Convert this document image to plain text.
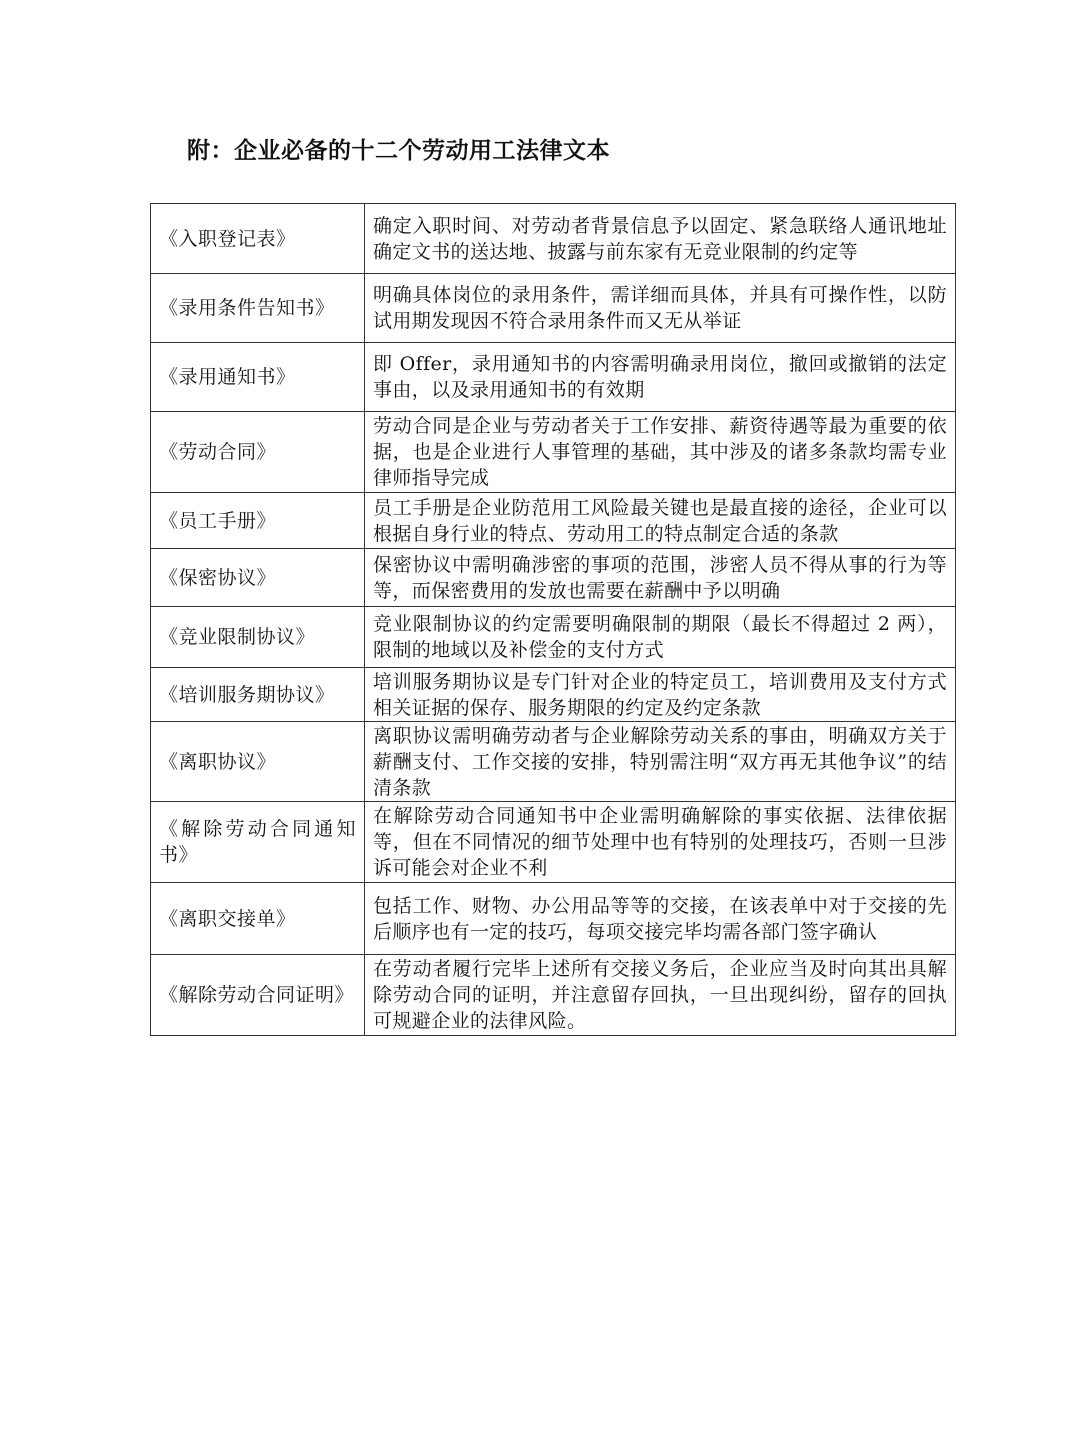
附：企业必备的十二个劳动用工法律文本
《入职登记表》	确定入职时间、对劳动者背景信息予以固定、紧急联络人通讯地址确定文书的送达地、披露与前东家有无竞业限制的约定等
《录用条件告知书》	明确具体岗位的录用条件，需详细而具体，并具有可操作性，以防试用期发现因不符合录用条件而又无从举证
《录用通知书》	即 Offer，录用通知书的内容需明确录用岗位，撤回或撤销的法定事由，以及录用通知书的有效期
《劳动合同》	劳动合同是企业与劳动者关于工作安排、薪资待遇等最为重要的依据，也是企业进行人事管理的基础，其中涉及的诸多条款均需专业律师指导完成
《员工手册》	员工手册是企业防范用工风险最关键也是最直接的途径，企业可以根据自身行业的特点、劳动用工的特点制定合适的条款
《保密协议》	保密协议中需明确涉密的事项的范围，涉密人员不得从事的行为等等，而保密费用的发放也需要在薪酬中予以明确
《竞业限制协议》	竞业限制协议的约定需要明确限制的期限（最长不得超过 2 两），限制的地域以及补偿金的支付方式
《培训服务期协议》	培训服务期协议是专门针对企业的特定员工，培训费用及支付方式相关证据的保存、服务期限的约定及约定条款
《离职协议》	离职协议需明确劳动者与企业解除劳动关系的事由，明确双方关于薪酬支付、工作交接的安排，特别需注明“双方再无其他争议”的结清条款
《解除劳动合同通知书》	在解除劳动合同通知书中企业需明确解除的事实依据、法律依据等，但在不同情况的细节处理中也有特别的处理技巧，否则一旦涉诉可能会对企业不利
《离职交接单》	包括工作、财物、办公用品等等的交接，在该表单中对于交接的先后顺序也有一定的技巧，每项交接完毕均需各部门签字确认
《解除劳动合同证明》	在劳动者履行完毕上述所有交接义务后，企业应当及时向其出具解除劳动合同的证明，并注意留存回执，一旦出现纠纷，留存的回执可规避企业的法律风险。
